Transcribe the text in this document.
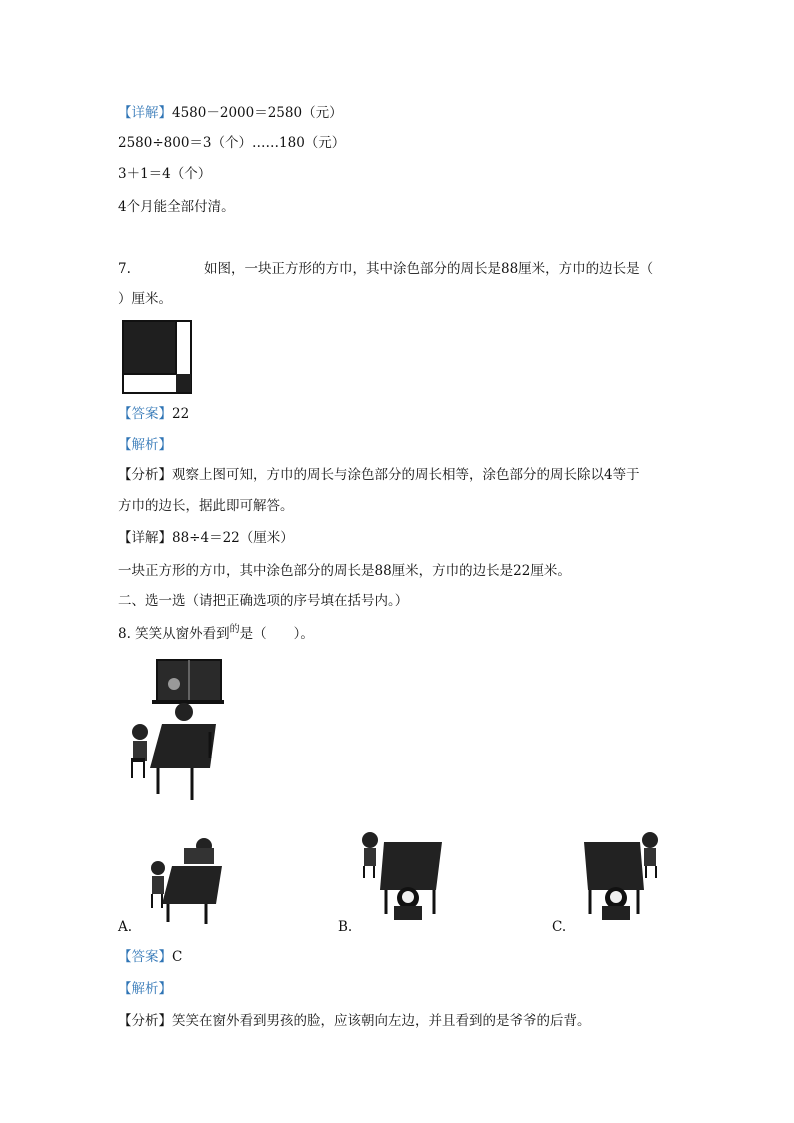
【详解】4580－2000＝2580（元）
2580÷800＝3（个）……180（元）
3＋1＝4（个）
4个月能全部付清。
7.	如图，一块正方形的方巾，其中涂色部分的周长是88厘米，方巾的边长是（
）厘米。
【答案】22
【解析】
【分析】观察上图可知，方巾的周长与涂色部分的周长相等，涂色部分的周长除以4等于
方巾的边长，据此即可解答。
【详解】88÷4＝22（厘米）
一块正方形的方巾，其中涂色部分的周长是88厘米，方巾的边长是22厘米。
二、选一选（请把正确选项的序号填在括号内。）
8. 笑笑从窗外看到$^的$是（　　）。
A.	B.	C.
【答案】C
【解析】
【分析】笑笑在窗外看到男孩的脸，应该朝向左边，并且看到的是爷爷的后背。
